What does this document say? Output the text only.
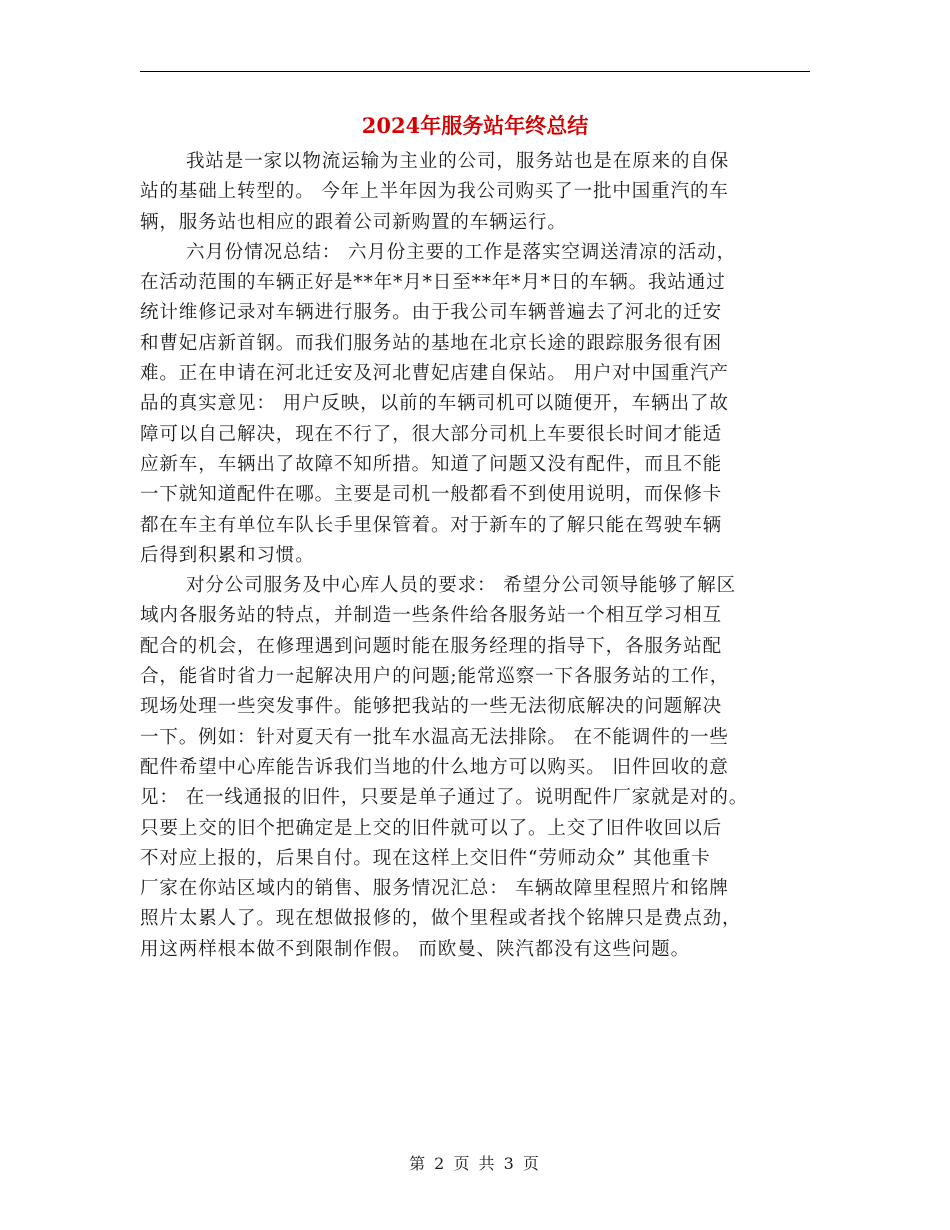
2024年服务站年终总结
我站是一家以物流运输为主业的公司，服务站也是在原来的自保
站的基础上转型的。 今年上半年因为我公司购买了一批中国重汽的车
辆，服务站也相应的跟着公司新购置的车辆运行。
六月份情况总结： 六月份主要的工作是落实空调送清凉的活动，
在活动范围的车辆正好是**年*月*日至**年*月*日的车辆。我站通过
统计维修记录对车辆进行服务。由于我公司车辆普遍去了河北的迁安
和曹妃店新首钢。而我们服务站的基地在北京长途的跟踪服务很有困
难。正在申请在河北迁安及河北曹妃店建自保站。 用户对中国重汽产
品的真实意见： 用户反映，以前的车辆司机可以随便开，车辆出了故
障可以自己解决，现在不行了，很大部分司机上车要很长时间才能适
应新车，车辆出了故障不知所措。知道了问题又没有配件，而且不能
一下就知道配件在哪。主要是司机一般都看不到使用说明，而保修卡
都在车主有单位车队长手里保管着。对于新车的了解只能在驾驶车辆
后得到积累和习惯。
对分公司服务及中心库人员的要求： 希望分公司领导能够了解区
域内各服务站的特点，并制造一些条件给各服务站一个相互学习相互
配合的机会，在修理遇到问题时能在服务经理的指导下，各服务站配
合，能省时省力一起解决用户的问题;能常巡察一下各服务站的工作，
现场处理一些突发事件。能够把我站的一些无法彻底解决的问题解决
一下。例如：针对夏天有一批车水温高无法排除。 在不能调件的一些
配件希望中心库能告诉我们当地的什么地方可以购买。 旧件回收的意
见： 在一线通报的旧件，只要是单子通过了。说明配件厂家就是对的。
只要上交的旧个把确定是上交的旧件就可以了。上交了旧件收回以后
不对应上报的，后果自付。现在这样上交旧件“劳师动众” 其他重卡
厂家在你站区域内的销售、服务情况汇总： 车辆故障里程照片和铭牌
照片太累人了。现在想做报修的，做个里程或者找个铭牌只是费点劲，
用这两样根本做不到限制作假。 而欧曼、陕汽都没有这些问题。
第 2 页 共 3 页
